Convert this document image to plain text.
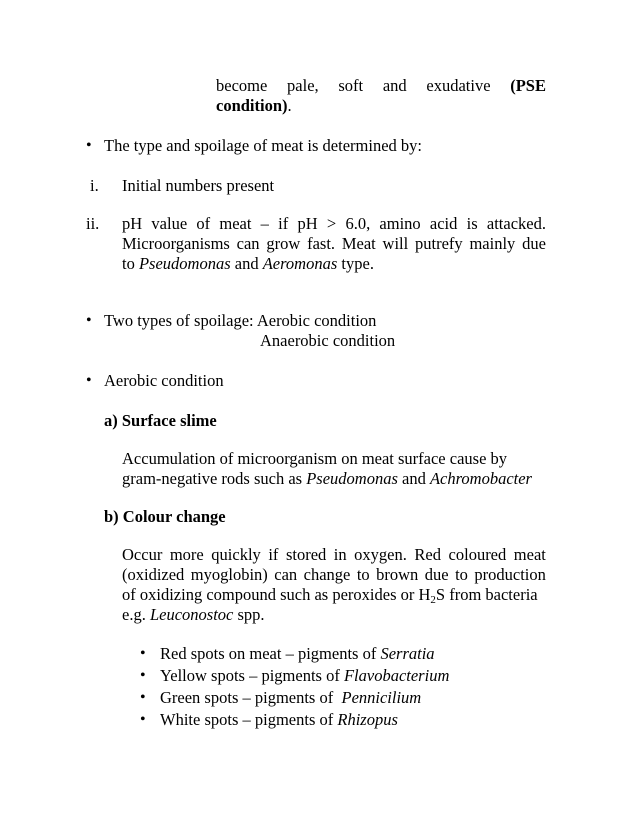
become pale, soft and exudative (PSE
condition).
• The type and spoilage of meat is determined by:
i. Initial numbers present
ii. pH value of meat – if pH > 6.0, amino acid is attacked.
Microorganisms can grow fast. Meat will putrefy mainly due
to Pseudomonas and Aeromonas type.
• Two types of spoilage: Aerobic condition
Anaerobic condition
• Aerobic condition
a) Surface slime
Accumulation of microorganism on meat surface cause by
gram-negative rods such as Pseudomonas and Achromobacter
b) Colour change
Occur more quickly if stored in oxygen. Red coloured meat
(oxidized myoglobin) can change to brown due to production
of oxidizing compound such as peroxides or $H_2S$ from bacteria
e.g. Leuconostoc spp.
• Red spots on meat – pigments of Serratia
• Yellow spots – pigments of Flavobacterium
• Green spots – pigments of  Pennicilium
• White spots – pigments of Rhizopus
